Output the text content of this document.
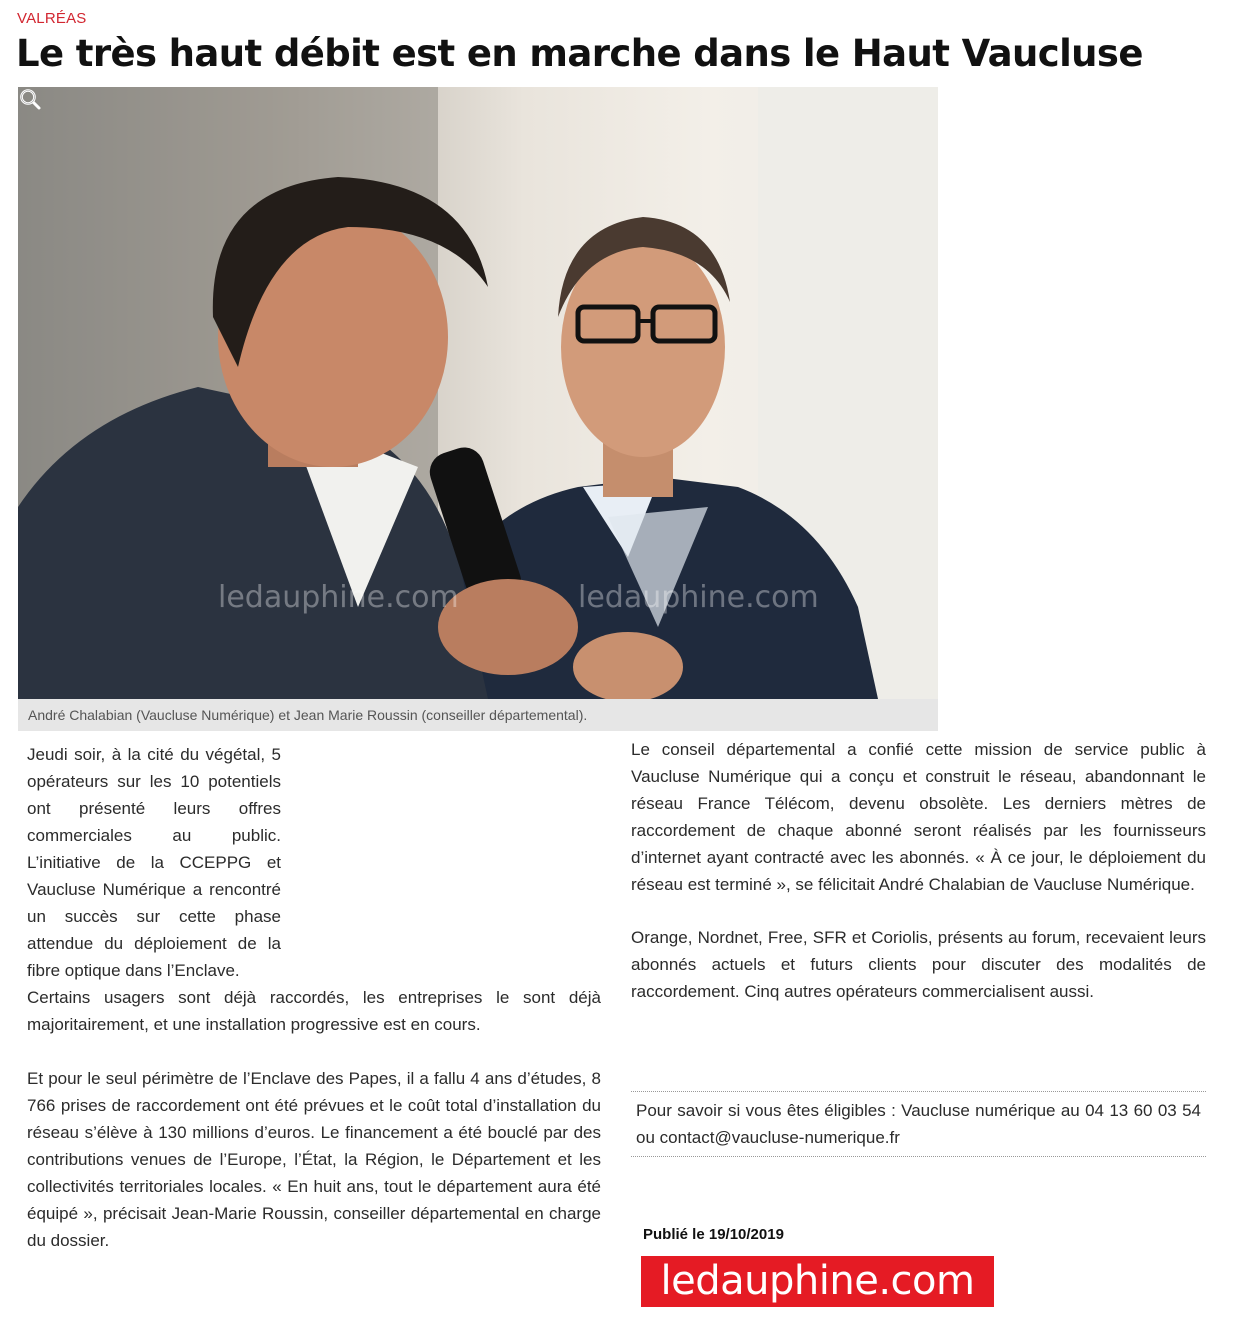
VALRÉAS
Le très haut débit est en marche dans le Haut Vaucluse
ledauphine.com	ledauphine.com
André Chalabian (Vaucluse Numérique) et Jean Marie Roussin (conseiller départemental).

Jeudi soir, à la cité du végétal, 5 opérateurs sur les 10 potentiels ont présenté leurs offres commerciales au public. L’initiative de la CCEPPG et Vaucluse Numérique a rencontré un succès sur cette phase attendue du déploiement de la fibre optique dans l’Enclave.

Certains usagers sont déjà raccordés, les entreprises le sont déjà majoritairement, et une installation progressive est en cours.

Et pour le seul périmètre de l’Enclave des Papes, il a fallu 4 ans d’études, 8 766 prises de raccordement ont été prévues et le coût total d’installation du réseau s’élève à 130 millions d’euros. Le financement a été bouclé par des contributions venues de l’Europe, l’État, la Région, le Département et les collectivités territoriales locales. « En huit ans, tout le département aura été équipé », précisait Jean-Marie Roussin, conseiller départemental en charge du dossier.

Le conseil départemental a confié cette mission de service public à Vaucluse Numérique qui a conçu et construit le réseau, abandonnant le réseau France Télécom, devenu obsolète. Les derniers mètres de raccordement de chaque abonné seront réalisés par les fournisseurs d’internet ayant contracté avec les abonnés. « À ce jour, le déploiement du réseau est terminé », se félicitait André Chalabian de Vaucluse Numérique.

Orange, Nordnet, Free, SFR et Coriolis, présents au forum, recevaient leurs abonnés actuels et futurs clients pour discuter des modalités de raccordement. Cinq autres opérateurs commercialisent aussi.

Pour savoir si vous êtes éligibles : Vaucluse numérique au 04 13 60 03 54 ou contact@vaucluse-numerique.fr
Publié le 19/10/2019
ledauphine.com
